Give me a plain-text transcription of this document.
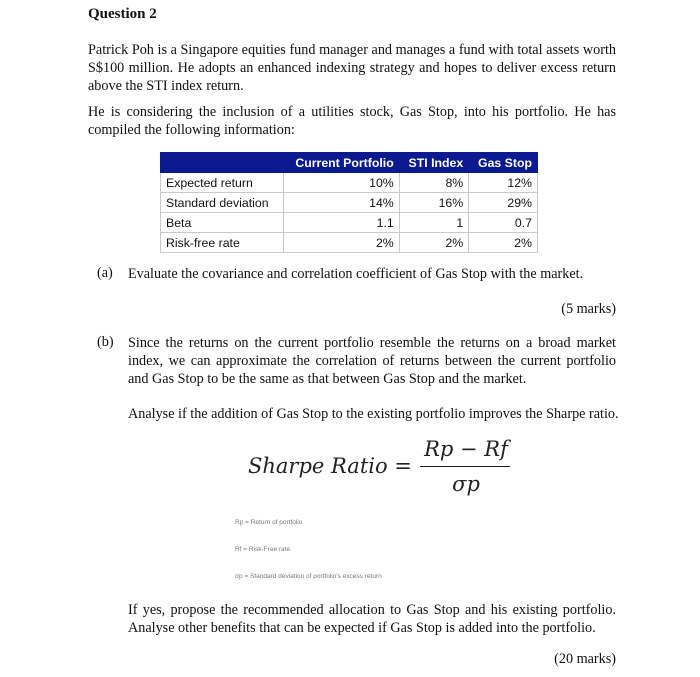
Question 2
Patrick Poh is a Singapore equities fund manager and manages a fund with total assets worth S$100 million. He adopts an enhanced indexing strategy and hopes to deliver excess return above the STI index return.
He is considering the inclusion of a utilities stock, Gas Stop, into his portfolio. He has compiled the following information:
	Current Portfolio	STI Index	Gas Stop
Expected return	10%	8%	12%
Standard deviation	14%	16%	29%
Beta	1.1	1	0.7
Risk-free rate	2%	2%	2%
(a) Evaluate the covariance and correlation coefficient of Gas Stop with the market.
(5 marks)
(b) Since the returns on the current portfolio resemble the returns on a broad market index, we can approximate the correlation of returns between the current portfolio and Gas Stop to be the same as that between Gas Stop and the market.
Analyse if the addition of Gas Stop to the existing portfolio improves the Sharpe ratio.
Sharpe Ratio =
Rp − Rf
σp
Rp = Return of portfolio
Rf = Risk-Free rate
σp = Standard deviation of portfolio's excess return
If yes, propose the recommended allocation to Gas Stop and his existing portfolio. Analyse other benefits that can be expected if Gas Stop is added into the portfolio.
(20 marks)
